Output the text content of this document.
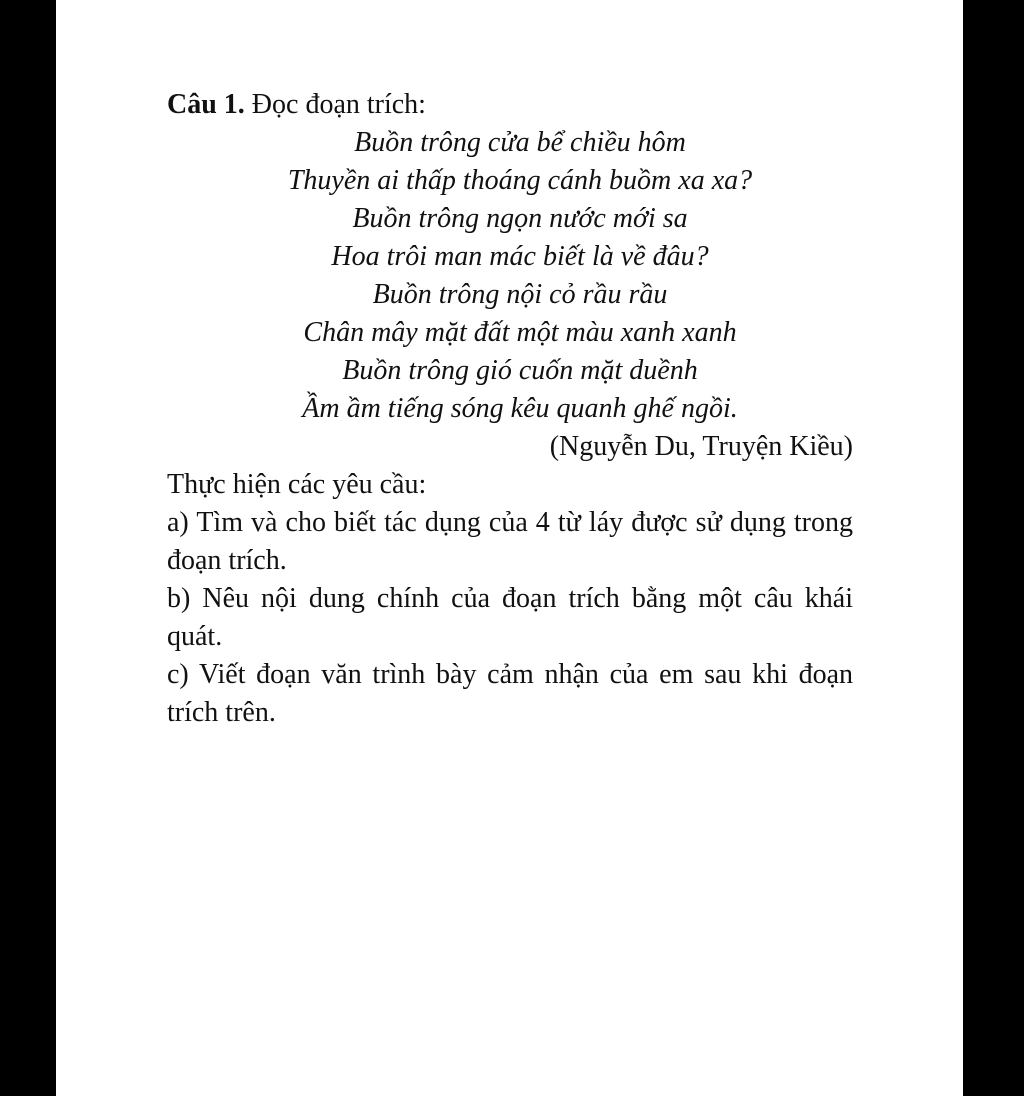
Câu 1. Đọc đoạn trích:

Buồn trông cửa bể chiều hôm
Thuyền ai thấp thoáng cánh buồm xa xa?
Buồn trông ngọn nước mới sa
Hoa trôi man mác biết là về đâu?
Buồn trông nội cỏ rầu rầu
Chân mây mặt đất một màu xanh xanh
Buồn trông gió cuốn mặt duềnh
Ầm ầm tiếng sóng kêu quanh ghế ngồi.

(Nguyễn Du, Truyện Kiều)

Thực hiện các yêu cầu:

a) Tìm và cho biết tác dụng của 4 từ láy được sử dụng trong đoạn trích.

b) Nêu nội dung chính của đoạn trích bằng một câu khái quát.

c) Viết đoạn văn trình bày cảm nhận của em sau khi đoạn trích trên.
